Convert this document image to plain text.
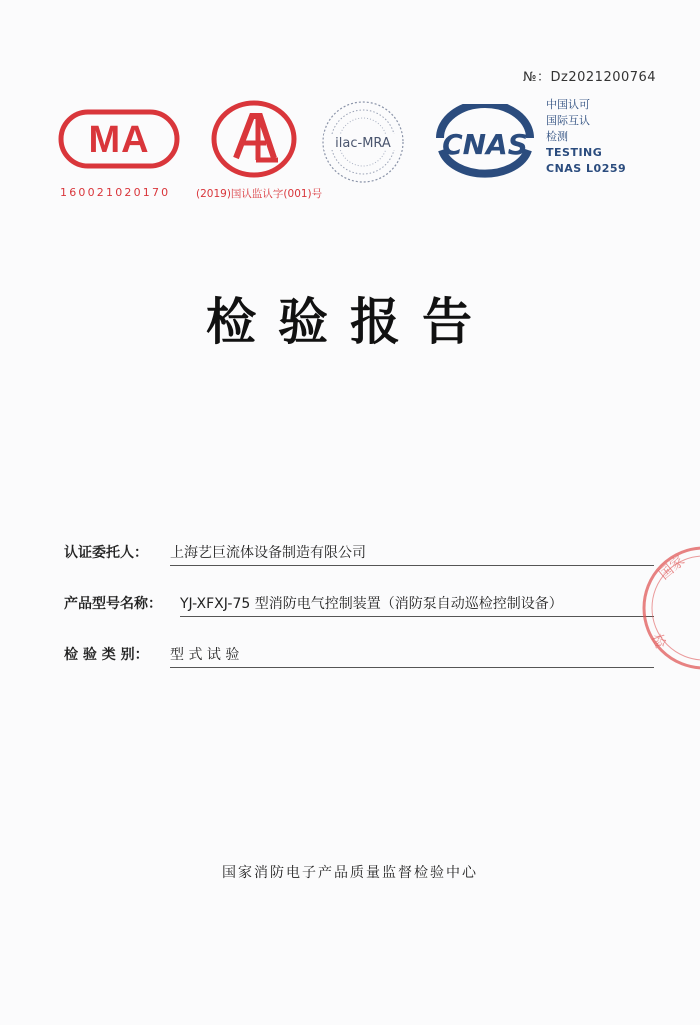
№：Dz2021200764
MA
160021020170 (2019)国认监认字(001)号
ilac-MRA CNAS
中国认可
国际互认
检测
TESTING
CNAS L0259
检验报告
认证委托人： 上海艺巨流体设备制造有限公司
产品型号名称： YJ-XFXJ-75 型消防电气控制装置（消防泵自动巡检控制设备）
检 验 类 别： 型 式 试 验
国家
检
国家消防电子产品质量监督检验中心
